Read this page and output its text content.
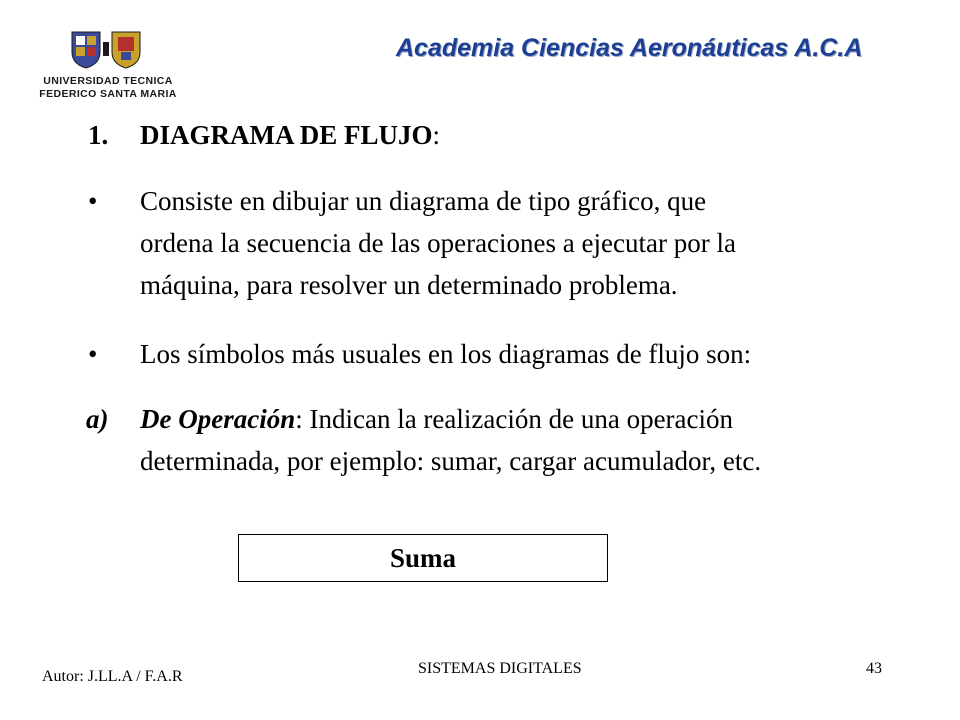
UNIVERSIDAD TECNICA
FEDERICO SANTA MARIA
Academia Ciencias Aeronáuticas A.C.A
1. DIAGRAMA DE FLUJO:
• Consiste en dibujar un diagrama de tipo gráfico, que
ordena la secuencia de las operaciones a ejecutar por la
máquina, para resolver un determinado problema.
• Los símbolos más usuales en los diagramas de flujo son:
a) De Operación: Indican la realización de una operación
determinada, por ejemplo: sumar, cargar acumulador, etc.
Suma
SISTEMAS DIGITALES	43
Autor: J.LL.A / F.A.R
